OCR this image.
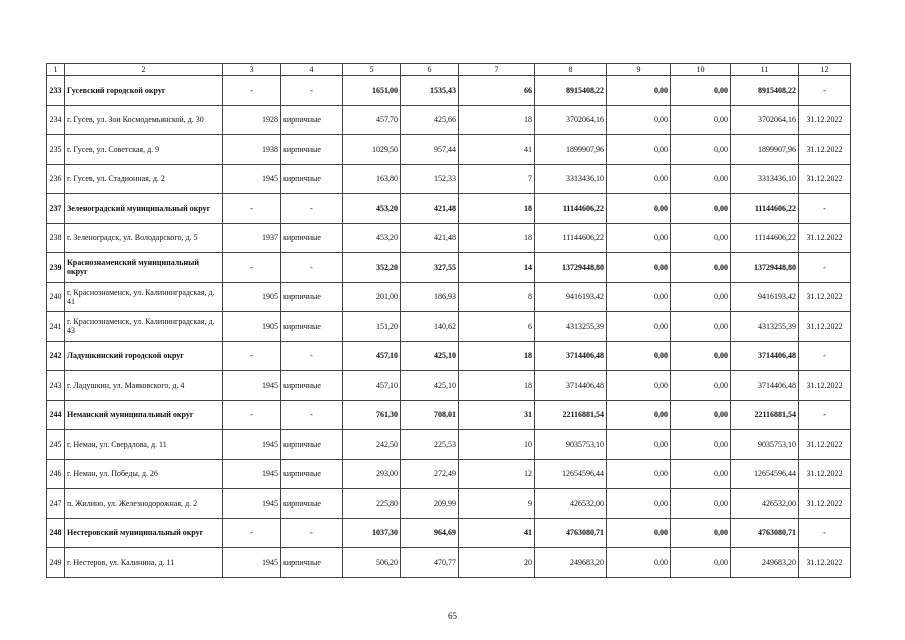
1	2	3	4	5	6	7	8	9	10	11	12
233	Гусевский городской округ	-	-	1651,00	1535,43	66	8915408,22	0,00	0,00	8915408,22	-
234	г. Гусев, ул. Зои Космодемьянской, д. 30	1928	кирпичные	457,70	425,66	18	3702064,16	0,00	0,00	3702064,16	31.12.2022
235	г. Гусев, ул. Советская, д. 9	1938	кирпичные	1029,50	957,44	41	1899907,96	0,00	0,00	1899907,96	31.12.2022
236	г. Гусев, ул. Стадионная, д. 2	1945	кирпичные	163,80	152,33	7	3313436,10	0,00	0,00	3313436,10	31.12.2022
237	Зеленоградский муниципальный округ	-	-	453,20	421,48	18	11144606,22	0,00	0,00	11144606,22	-
238	г. Зеленоградск, ул. Володарского, д. 5	1937	кирпичные	453,20	421,48	18	11144606,22	0,00	0,00	11144606,22	31.12.2022
239	Краснознаменский муниципальный округ	-	-	352,20	327,55	14	13729448,80	0,00	0,00	13729448,80	-
240	г. Краснознаменск, ул. Калининградская, д. 41	1905	кирпичные	201,00	186,93	8	9416193,42	0,00	0,00	9416193,42	31.12.2022
241	г. Краснознаменск, ул. Калининградская, д. 43	1905	кирпичные	151,20	140,62	6	4313255,39	0,00	0,00	4313255,39	31.12.2022
242	Ладушкинский городской округ	-	-	457,10	425,10	18	3714406,48	0,00	0,00	3714406,48	-
243	г. Ладушкин, ул. Маяковского, д. 4	1945	кирпичные	457,10	425,10	18	3714406,48	0,00	0,00	3714406,48	31.12.2022
244	Неманский муниципальный округ	-	-	761,30	708,01	31	22116881,54	0,00	0,00	22116881,54	-
245	г. Неман, ул. Свердлова, д. 11	1945	кирпичные	242,50	225,53	10	9035753,10	0,00	0,00	9035753,10	31.12.2022
246	г. Неман, ул. Победы, д. 26	1945	кирпичные	293,00	272,49	12	12654596,44	0,00	0,00	12654596,44	31.12.2022
247	п. Жилино, ул. Железнодорожная, д. 2	1945	кирпичные	225,80	209,99	9	426532,00	0,00	0,00	426532,00	31.12.2022
248	Нестеровский муниципальный округ	-	-	1037,30	964,69	41	4763080,71	0,00	0,00	4763080,71	-
249	г. Нестеров, ул. Калинина, д. 11	1945	кирпичные	506,20	470,77	20	249683,20	0,00	0,00	249683,20	31.12.2022
65
